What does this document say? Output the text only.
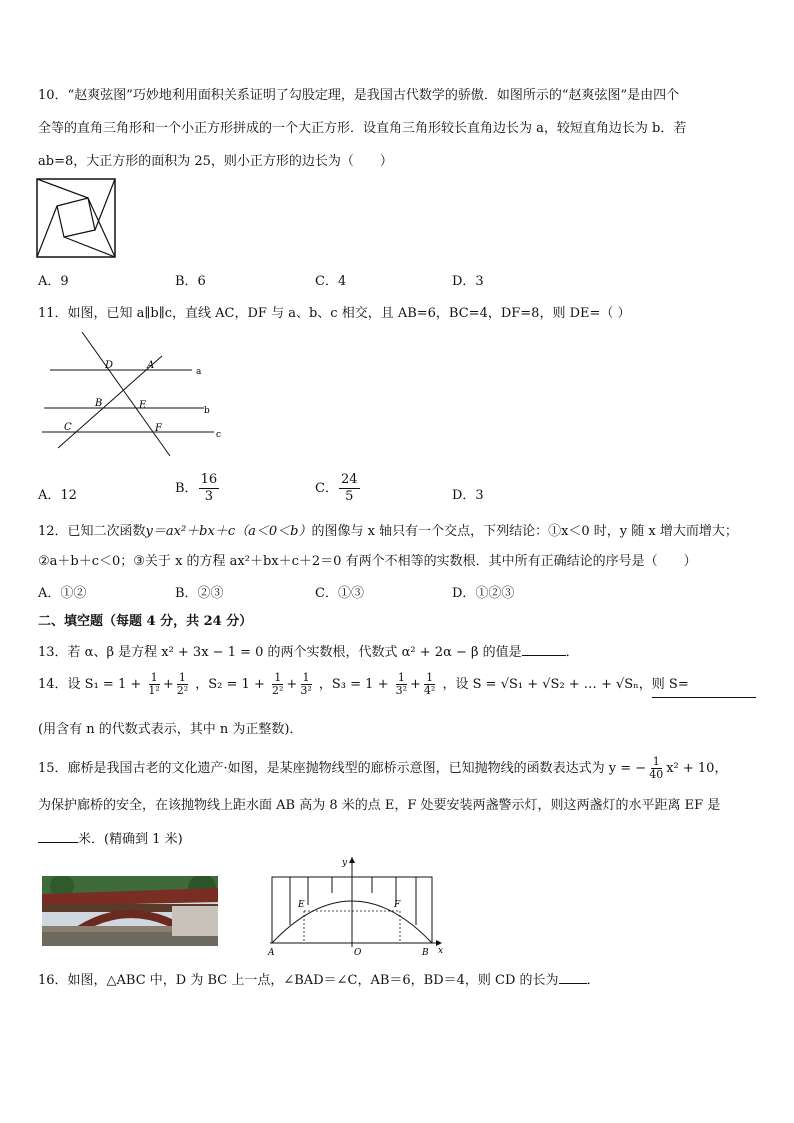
10．“赵爽弦图”巧妙地利用面积关系证明了勾股定理，是我国古代数学的骄傲．如图所示的“赵爽弦图”是由四个
全等的直角三角形和一个小正方形拼成的一个大正方形．设直角三角形较长直角边长为 a，较短直角边长为 b．若
ab=8，大正方形的面积为 25，则小正方形的边长为（　　）
A．9	B．6	C．4	D．3
11．如图，已知 a∥b∥c，直线 AC，DF 与 a、b、c 相交，且 AB=6，BC=4，DF=8，则 DE=（ ）
D	A
a
B	E	b
C	F
c
A．12	B． $\frac{16}{3}$	C． $\frac{24}{5}$	D．3
12．已知二次函数y＝ax²＋bx＋c（a＜0＜b）的图像与 x 轴只有一个交点，下列结论：①x＜0 时，y 随 x 增大而增大；
②a＋b＋c＜0；③关于 x 的方程 ax²＋bx＋c＋2＝0 有两个不相等的实数根．其中所有正确结论的序号是（　　）
A．①②	B．②③	C．①③	D．①②③
二、填空题（每题 4 分，共 24 分）
13．若 α、β 是方程 x² + 3x − 1 = 0 的两个实数根，代数式 α² + 2α − β 的值是	．
14．设 $S_1 = 1 + \frac{1}{\text{1²}} + \frac{1}{\text{2²}}$ ，$S_2 = 1 + \frac{1}{\text{2²}} + \frac{1}{\text{3²}}$ ，$S_3 = 1 + \frac{1}{\text{3²}} + \frac{1}{\text{4²}}$ ，设 S = √S₁ + √S₂ + … + √Sₙ，则 S=
(用含有 n 的代数式表示，其中 n 为正整数)．
15．廊桥是我国古老的文化遗产·如图，是某座抛物线型的廊桥示意图，已知抛物线的函数表达式为 y = − $\frac{1}{40} x^2 + 10$，
为保护廊桥的安全，在该抛物线上距水面 AB 高为 8 米的点 E，F 处要安装两盏警示灯，则这两盏灯的水平距离 EF 是
米．(精确到 1 米)
y
x
E	F
A	O	B
16．如图，△ABC 中，D 为 BC 上一点，∠BAD＝∠C，AB＝6，BD＝4，则 CD 的长为 ．
